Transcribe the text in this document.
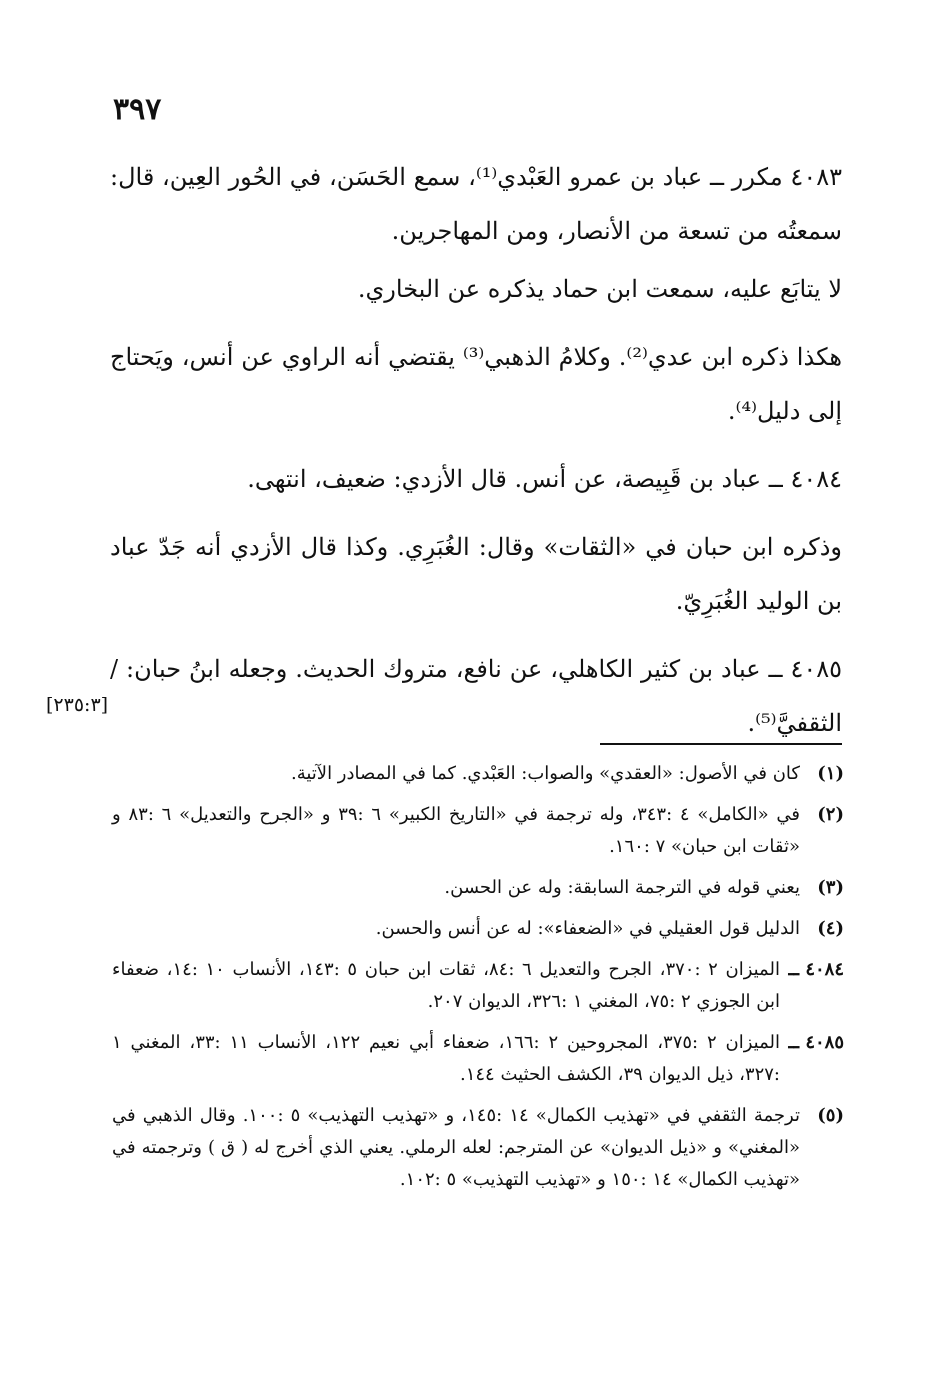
٣٩٧

٤٠٨٣ مكرر ــ عباد بن عمرو العَبْدي⁽¹⁾، سمع الحَسَن، في الحُور العِين، قال: سمعتُه من تسعة من الأنصار، ومن المهاجرين.

لا يتابَع عليه، سمعت ابن حماد يذكره عن البخاري.

هكذا ذكره ابن عدي⁽²⁾. وكلامُ الذهبي⁽³⁾ يقتضي أنه الراوي عن أنس، ويَحتاج إلى دليل⁽⁴⁾.

٤٠٨٤ ــ عباد بن قَبِيصة، عن أنس. قال الأزدي: ضعيف، انتهى.

وذكره ابن حبان في «الثقات» وقال: الغُبَرِي. وكذا قال الأزدي أنه جَدّ عباد بن الوليد الغُبَرِيّ.

٤٠٨٥ ــ عباد بن كثير الكاهلي، عن نافع، متروك الحديث. وجعله ابنُ حبان: / الثقفيَّ⁽⁵⁾.

[٢٣٥:٣]
(١)
كان في الأصول: «العقدي» والصواب: العَبْدي. كما في المصادر الآتية.
(٢)
في «الكامل» ٤ :٣٤٣، وله ترجمة في «التاريخ الكبير» ٦ :٣٩ و «الجرح والتعديل» ٦ :٨٣ و «ثقات ابن حبان» ٧ :١٦٠.
(٣)
يعني قوله في الترجمة السابقة: وله عن الحسن.
(٤)
الدليل قول العقيلي في «الضعفاء»: له عن أنس والحسن.
٤٠٨٤ ــ
الميزان ٢ :٣٧٠، الجرح والتعديل ٦ :٨٤، ثقات ابن حبان ٥ :١٤٣، الأنساب ١٠ :١٤، ضعفاء ابن الجوزي ٢ :٧٥، المغني ١ :٣٢٦، الديوان ٢٠٧.
٤٠٨٥ ــ
الميزان ٢ :٣٧٥، المجروحين ٢ :١٦٦، ضعفاء أبي نعيم ١٢٢، الأنساب ١١ :٣٣، المغني ١ :٣٢٧، ذيل الديوان ٣٩، الكشف الحثيث ١٤٤.
(٥)
ترجمة الثقفي في «تهذيب الكمال» ١٤ :١٤٥، و «تهذيب التهذيب» ٥ :١٠٠. وقال الذهبي في «المغني» و «ذيل الديوان» عن المترجم: لعله الرملي. يعني الذي أخرج له ( ق ) وترجمته في «تهذيب الكمال» ١٤ :١٥٠ و «تهذيب التهذيب» ٥ :١٠٢.
